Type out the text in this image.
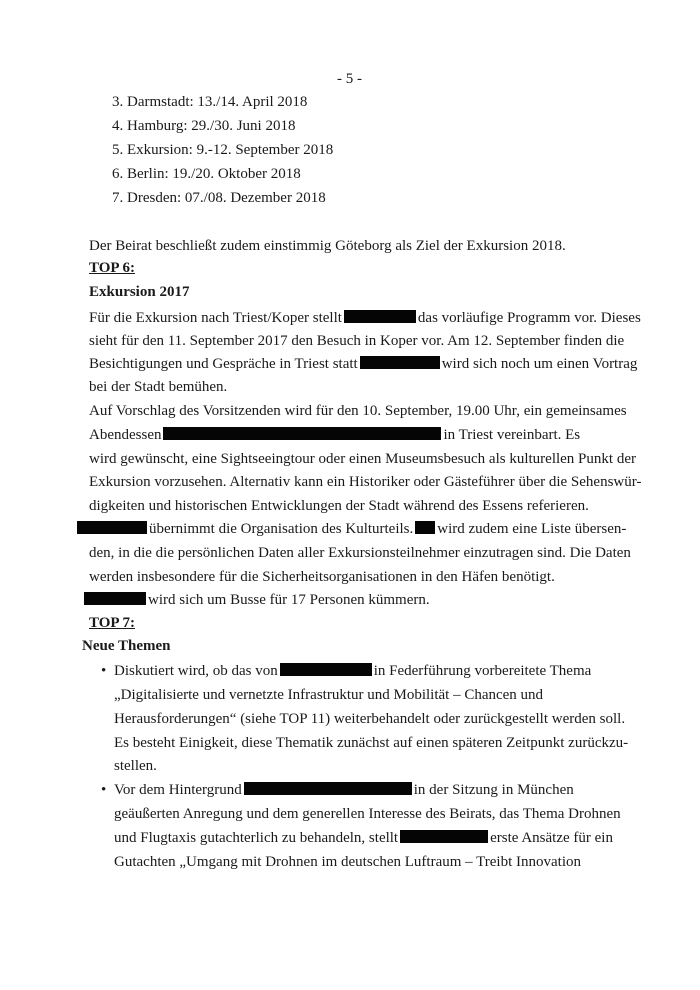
- 5 -
3. Darmstadt: 13./14. April 2018
4. Hamburg: 29./30. Juni 2018
5. Exkursion: 9.-12. September 2018
6. Berlin: 19./20. Oktober 2018
7. Dresden: 07./08. Dezember 2018
Der Beirat beschließt zudem einstimmig Göteborg als Ziel der Exkursion 2018.
TOP 6:
Exkursion 2017
Für die Exkursion nach Triest/Koper stellt	das vorläufige Programm vor. Dieses
sieht für den 11. September 2017 den Besuch in Koper vor. Am 12. September finden die
Besichtigungen und Gespräche in Triest statt	wird sich noch um einen Vortrag
bei der Stadt bemühen.
Auf Vorschlag des Vorsitzenden wird für den 10. September, 19.00 Uhr, ein gemeinsames
Abendessen	in Triest vereinbart. Es
wird gewünscht, eine Sightseeingtour oder einen Museumsbesuch als kulturellen Punkt der
Exkursion vorzusehen. Alternativ kann ein Historiker oder Gästeführer über die Sehenswür-
digkeiten und historischen Entwicklungen der Stadt während des Essens referieren.
übernimmt die Organisation des Kulturteils. wird zudem eine Liste übersen-
den, in die die persönlichen Daten aller Exkursionsteilnehmer einzutragen sind. Die Daten
werden insbesondere für die Sicherheitsorganisationen in den Häfen benötigt.
wird sich um Busse für 17 Personen kümmern.
TOP 7:
Neue Themen
• Diskutiert wird, ob das von	in Federführung vorbereitete Thema
„Digitalisierte und vernetzte Infrastruktur und Mobilität – Chancen und
Herausforderungen“ (siehe TOP 11) weiterbehandelt oder zurückgestellt werden soll.
Es besteht Einigkeit, diese Thematik zunächst auf einen späteren Zeitpunkt zurückzu-
stellen.
• Vor dem Hintergrund	in der Sitzung in München
geäußerten Anregung und dem generellen Interesse des Beirats, das Thema Drohnen
und Flugtaxis gutachterlich zu behandeln, stellt	erste Ansätze für ein
Gutachten „Umgang mit Drohnen im deutschen Luftraum – Treibt Innovation
